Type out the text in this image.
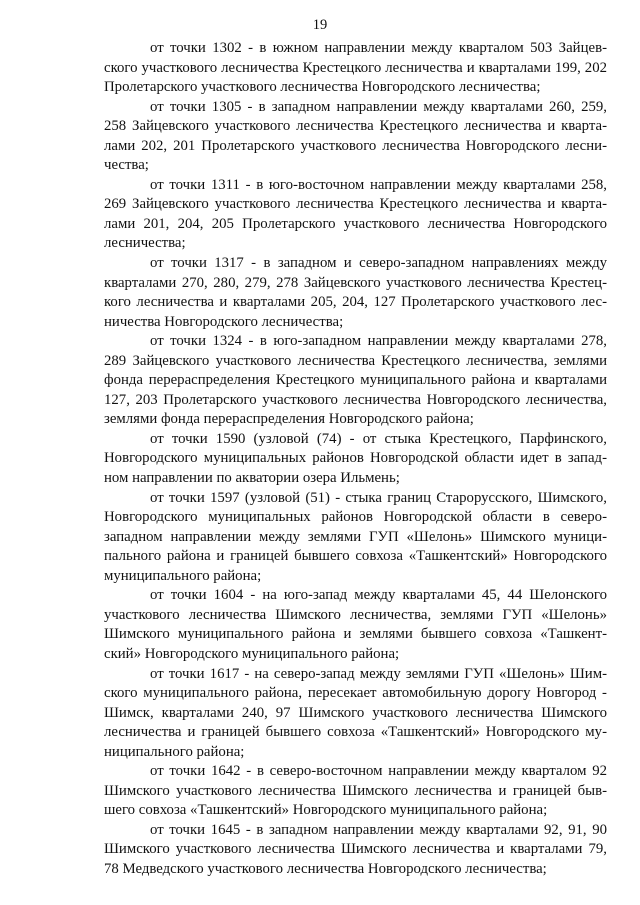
19

от точки 1302 - в южном направлении между кварталом 503 Зайцевского участкового лесничества Крестецкого лесничества и кварталами 199, 202 Пролетарского участкового лесничества Новгородского лесничества;

от точки 1305 - в западном направлении между кварталами 260, 259, 258 Зайцевского участкового лесничества Крестецкого лесничества и кварталами 202, 201 Пролетарского участкового лесничества Новгородского лесничества;

от точки 1311 - в юго-восточном направлении между кварталами 258, 269 Зайцевского участкового лесничества Крестецкого лесничества и кварталами 201, 204, 205 Пролетарского участкового лесничества Новгородского лесничества;

от точки 1317 - в западном и северо-западном направлениях между кварталами 270, 280, 279, 278 Зайцевского участкового лесничества Крестецкого лесничества и кварталами 205, 204, 127 Пролетарского участкового лесничества Новгородского лесничества;

от точки 1324 - в юго-западном направлении между кварталами 278, 289 Зайцевского участкового лесничества Крестецкого лесничества, землями фонда перераспределения Крестецкого муниципального района и кварталами 127, 203 Пролетарского участкового лесничества Новгородского лесничества, землями фонда перераспределения Новгородского района;

от точки 1590 (узловой (74) - от стыка Крестецкого, Парфинского, Новгородского муниципальных районов Новгородской области идет в западном направлении по акватории озера Ильмень;

от точки 1597 (узловой (51) - стыка границ Старорусского, Шимского, Новгородского муниципальных районов Новгородской области в северозападном направлении между землями ГУП «Шелонь» Шимского муниципального района и границей бывшего совхоза «Ташкентский» Новгородского муниципального района;

от точки 1604 - на юго-запад между кварталами 45, 44 Шелонского участкового лесничества Шимского лесничества, землями ГУП «Шелонь» Шимского муниципального района и землями бывшего совхоза «Ташкентский» Новгородского муниципального района;

от точки 1617 - на северо-запад между землями ГУП «Шелонь» Шимского муниципального района, пересекает автомобильную дорогу Новгород - Шимск, кварталами 240, 97 Шимского участкового лесничества Шимского лесничества и границей бывшего совхоза «Ташкентский» Новгородского муниципального района;

от точки 1642 - в северо-восточном направлении между кварталом 92 Шимского участкового лесничества Шимского лесничества и границей бывшего совхоза «Ташкентский» Новгородского муниципального района;

от точки 1645 - в западном направлении между кварталами 92, 91, 90 Шимского участкового лесничества Шимского лесничества и кварталами 79, 78 Медведского участкового лесничества Новгородского лесничества;
